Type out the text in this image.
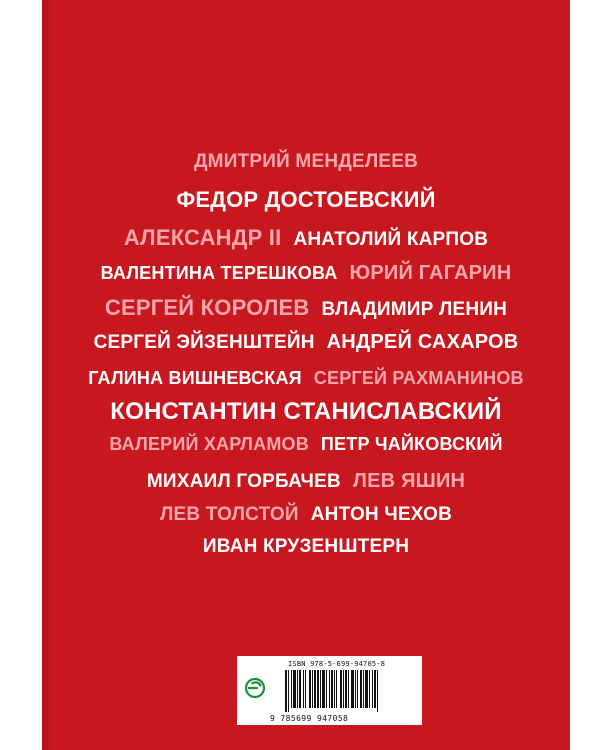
ДМИТРИЙ МЕНДЕЛЕЕВ
ФЕДОР ДОСТОЕВСКИЙ
АЛЕКСАНДР II АНАТОЛИЙ КАРПОВ
ВАЛЕНТИНА ТЕРЕШКОВА ЮРИЙ ГАГАРИН
СЕРГЕЙ КОРОЛЕВ ВЛАДИМИР ЛЕНИН
СЕРГЕЙ ЭЙЗЕНШТЕЙН АНДРЕЙ САХАРОВ
ГАЛИНА ВИШНЕВСКАЯ СЕРГЕЙ РАХМАНИНОВ
КОНСТАНТИН СТАНИСЛАВСКИЙ
ВАЛЕРИЙ ХАРЛАМОВ ПЕТР ЧАЙКОВСКИЙ
МИХАИЛ ГОРБАЧЕВ ЛЕВ ЯШИН
ЛЕВ ТОЛСТОЙ АНТОН ЧЕХОВ
ИВАН КРУЗЕНШТЕРН
ISBN 978-5-699-94705-8
9 785699 947058
